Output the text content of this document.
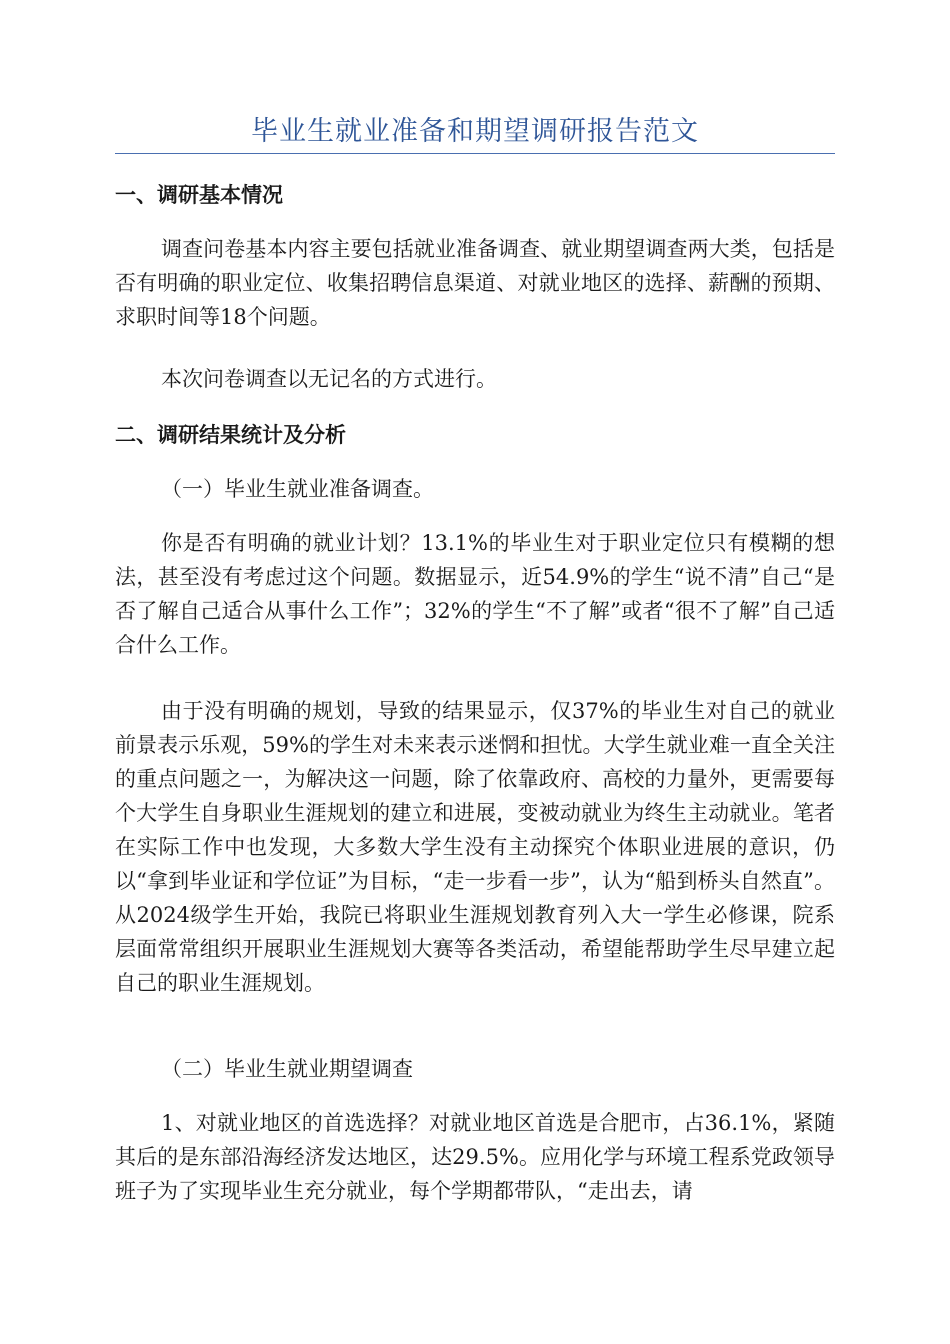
毕业生就业准备和期望调研报告范文

一、调研基本情况

调查问卷基本内容主要包括就业准备调查、就业期望调查两大类，包括是否有明确的职业定位、收集招聘信息渠道、对就业地区的选择、薪酬的预期、求职时间等18个问题。

本次问卷调查以无记名的方式进行。

二、调研结果统计及分析

（一）毕业生就业准备调查。

你是否有明确的就业计划？13.1%的毕业生对于职业定位只有模糊的想法，甚至没有考虑过这个问题。数据显示，近54.9%的学生“说不清”自己“是否了解自己适合从事什么工作”；32%的学生“不了解”或者“很不了解”自己适合什么工作。

由于没有明确的规划，导致的结果显示，仅37%的毕业生对自己的就业前景表示乐观，59%的学生对未来表示迷惘和担忧。大学生就业难一直全关注的重点问题之一，为解决这一问题，除了依靠政府、高校的力量外，更需要每个大学生自身职业生涯规划的建立和进展，变被动就业为终生主动就业。笔者在实际工作中也发现，大多数大学生没有主动探究个体职业进展的意识，仍以“拿到毕业证和学位证”为目标，“走一步看一步”，认为“船到桥头自然直”。从2024级学生开始，我院已将职业生涯规划教育列入大一学生必修课，院系层面常常组织开展职业生涯规划大赛等各类活动，希望能帮助学生尽早建立起自己的职业生涯规划。

（二）毕业生就业期望调查

1、对就业地区的首选选择？对就业地区首选是合肥市，占36.1%，紧随其后的是东部沿海经济发达地区，达29.5%。应用化学与环境工程系党政领导班子为了实现毕业生充分就业，每个学期都带队，“走出去，请
